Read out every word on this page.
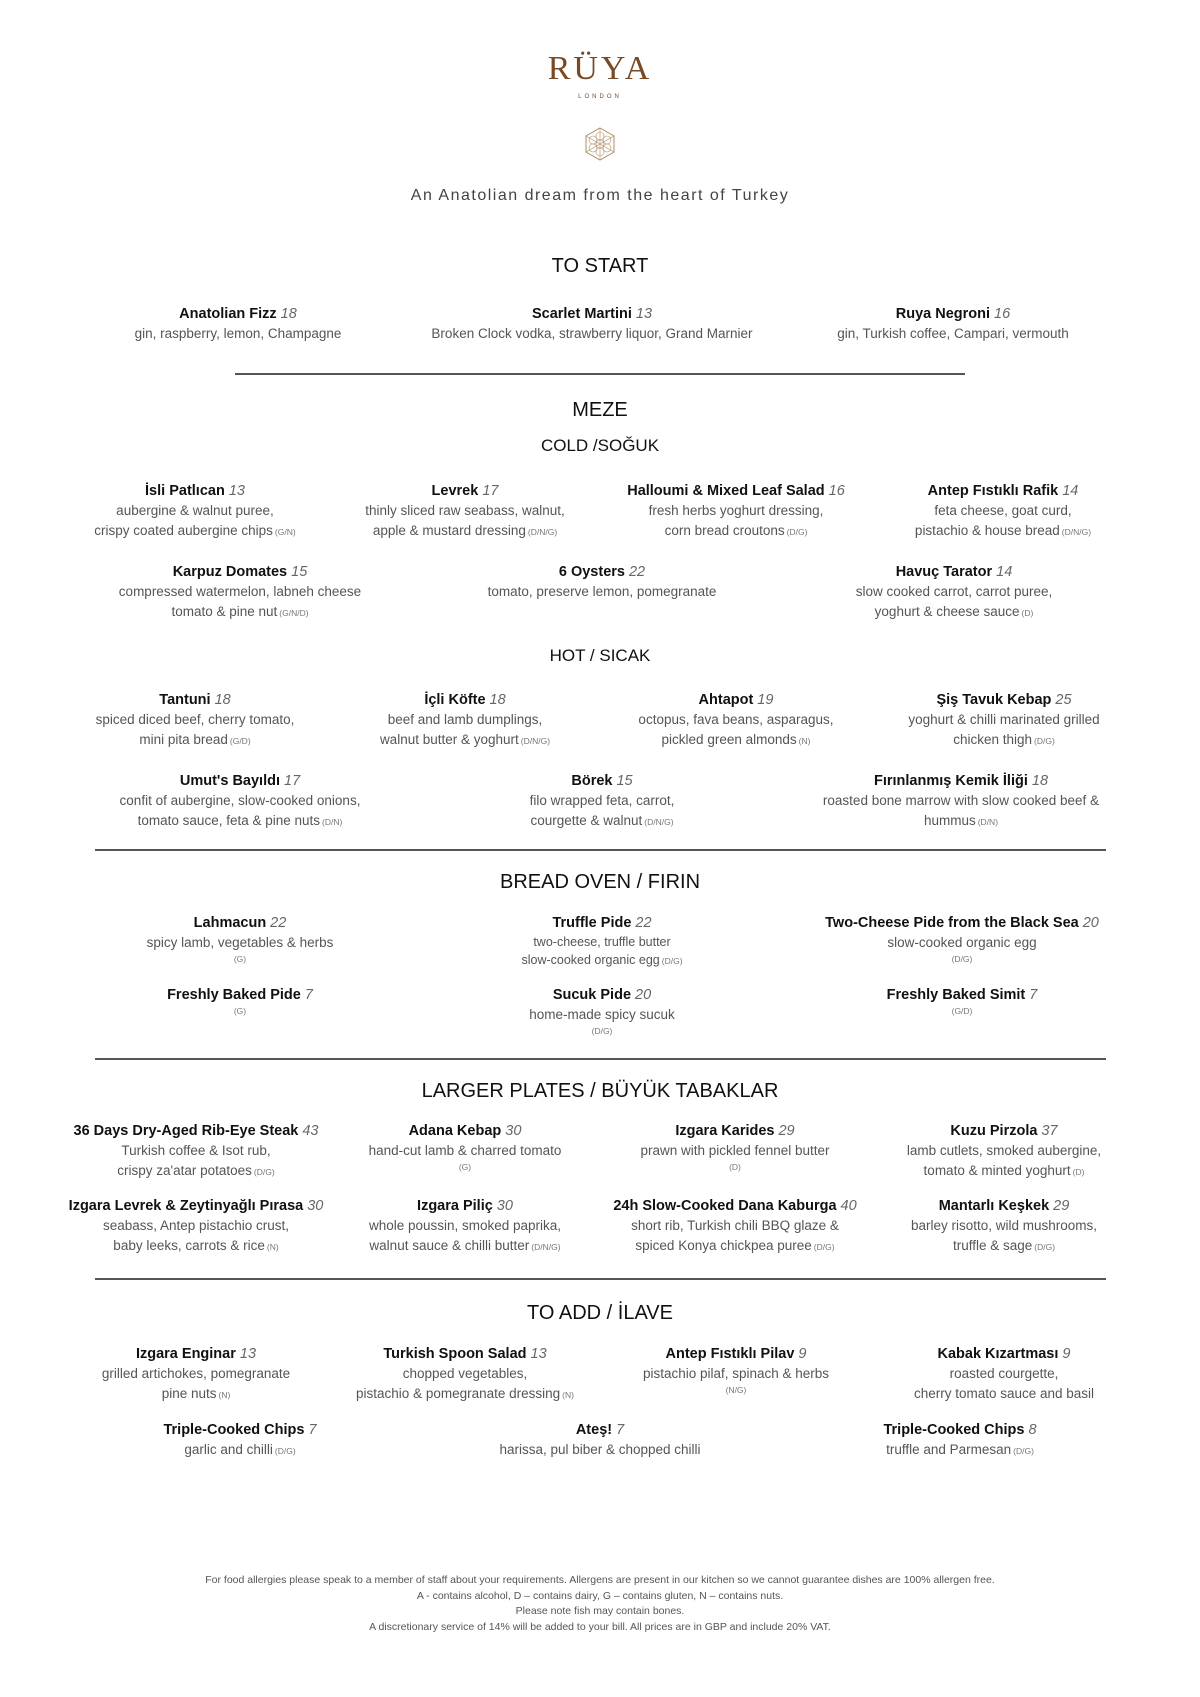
RÜYA
LONDON
An Anatolian dream from the heart of Turkey
TO START
Anatolian Fizz 18
gin, raspberry, lemon, Champagne
Scarlet Martini 13
Broken Clock vodka, strawberry liquor, Grand Marnier
Ruya Negroni 16
gin, Turkish coffee, Campari, vermouth
MEZE
COLD /SOĞUK
İsli Patlıcan 13
aubergine & walnut puree,
crispy coated aubergine chips (G/N)
Levrek 17
thinly sliced raw seabass, walnut,
apple & mustard dressing (D/N/G)
Halloumi & Mixed Leaf Salad 16
fresh herbs yoghurt dressing,
corn bread croutons (D/G)
Antep Fıstıklı Rafik 14
feta cheese, goat curd,
pistachio & house bread (D/N/G)
Karpuz Domates 15
compressed watermelon, labneh cheese
tomato & pine nut (G/N/D)
6 Oysters 22
tomato, preserve lemon, pomegranate
Havuç Tarator 14
slow cooked carrot, carrot puree,
yoghurt & cheese sauce (D)
HOT / SICAK
Tantuni 18
spiced diced beef, cherry tomato,
mini pita bread (G/D)
İçli Köfte 18
beef and lamb dumplings,
walnut butter & yoghurt (D/N/G)
Ahtapot 19
octopus, fava beans, asparagus,
pickled green almonds (N)
Şiş Tavuk Kebap 25
yoghurt & chilli marinated grilled
chicken thigh (D/G)
Umut's Bayıldı 17
confit of aubergine, slow-cooked onions,
tomato sauce, feta & pine nuts (D/N)
Börek 15
filo wrapped feta, carrot,
courgette & walnut (D/N/G)
Fırınlanmış Kemik İliği 18
roasted bone marrow with slow cooked beef &
hummus (D/N)
BREAD OVEN / FIRIN
Lahmacun 22
spicy lamb, vegetables & herbs
(G)
Truffle Pide 22
two-cheese, truffle butter
slow-cooked organic egg (D/G)
Two-Cheese Pide from the Black Sea 20
slow-cooked organic egg
(D/G)
Freshly Baked Pide 7
(G)
Sucuk Pide 20
home-made spicy sucuk
(D/G)
Freshly Baked Simit 7
(G/D)
LARGER PLATES / BÜYÜK TABAKLAR
36 Days Dry-Aged Rib-Eye Steak 43
Turkish coffee & Isot rub,
crispy za'atar potatoes (D/G)
Adana Kebap 30
hand-cut lamb & charred tomato
(G)
Izgara Karides 29
prawn with pickled fennel butter
(D)
Kuzu Pirzola 37
lamb cutlets, smoked aubergine,
tomato & minted yoghurt (D)
Izgara Levrek & Zeytinyağlı Pırasa 30
seabass, Antep pistachio crust,
baby leeks, carrots & rice (N)
Izgara Piliç 30
whole poussin, smoked paprika,
walnut sauce & chilli butter (D/N/G)
24h Slow-Cooked Dana Kaburga 40
short rib, Turkish chili BBQ glaze &
spiced Konya chickpea puree (D/G)
Mantarlı Keşkek 29
barley risotto, wild mushrooms,
truffle & sage (D/G)
TO ADD / İLAVE
Izgara Enginar 13
grilled artichokes, pomegranate
pine nuts (N)
Turkish Spoon Salad 13
chopped vegetables,
pistachio & pomegranate dressing (N)
Antep Fıstıklı Pilav 9
pistachio pilaf, spinach & herbs
(N/G)
Kabak Kızartması 9
roasted courgette,
cherry tomato sauce and basil
Triple-Cooked Chips 7
garlic and chilli (D/G)
Ateş! 7
harissa, pul biber & chopped chilli
Triple-Cooked Chips 8
truffle and Parmesan (D/G)
For food allergies please speak to a member of staff about your requirements. Allergens are present in our kitchen so we cannot guarantee dishes are 100% allergen free.
A - contains alcohol, D – contains dairy, G – contains gluten, N – contains nuts.
Please note fish may contain bones.
A discretionary service of 14% will be added to your bill. All prices are in GBP and include 20% VAT.
